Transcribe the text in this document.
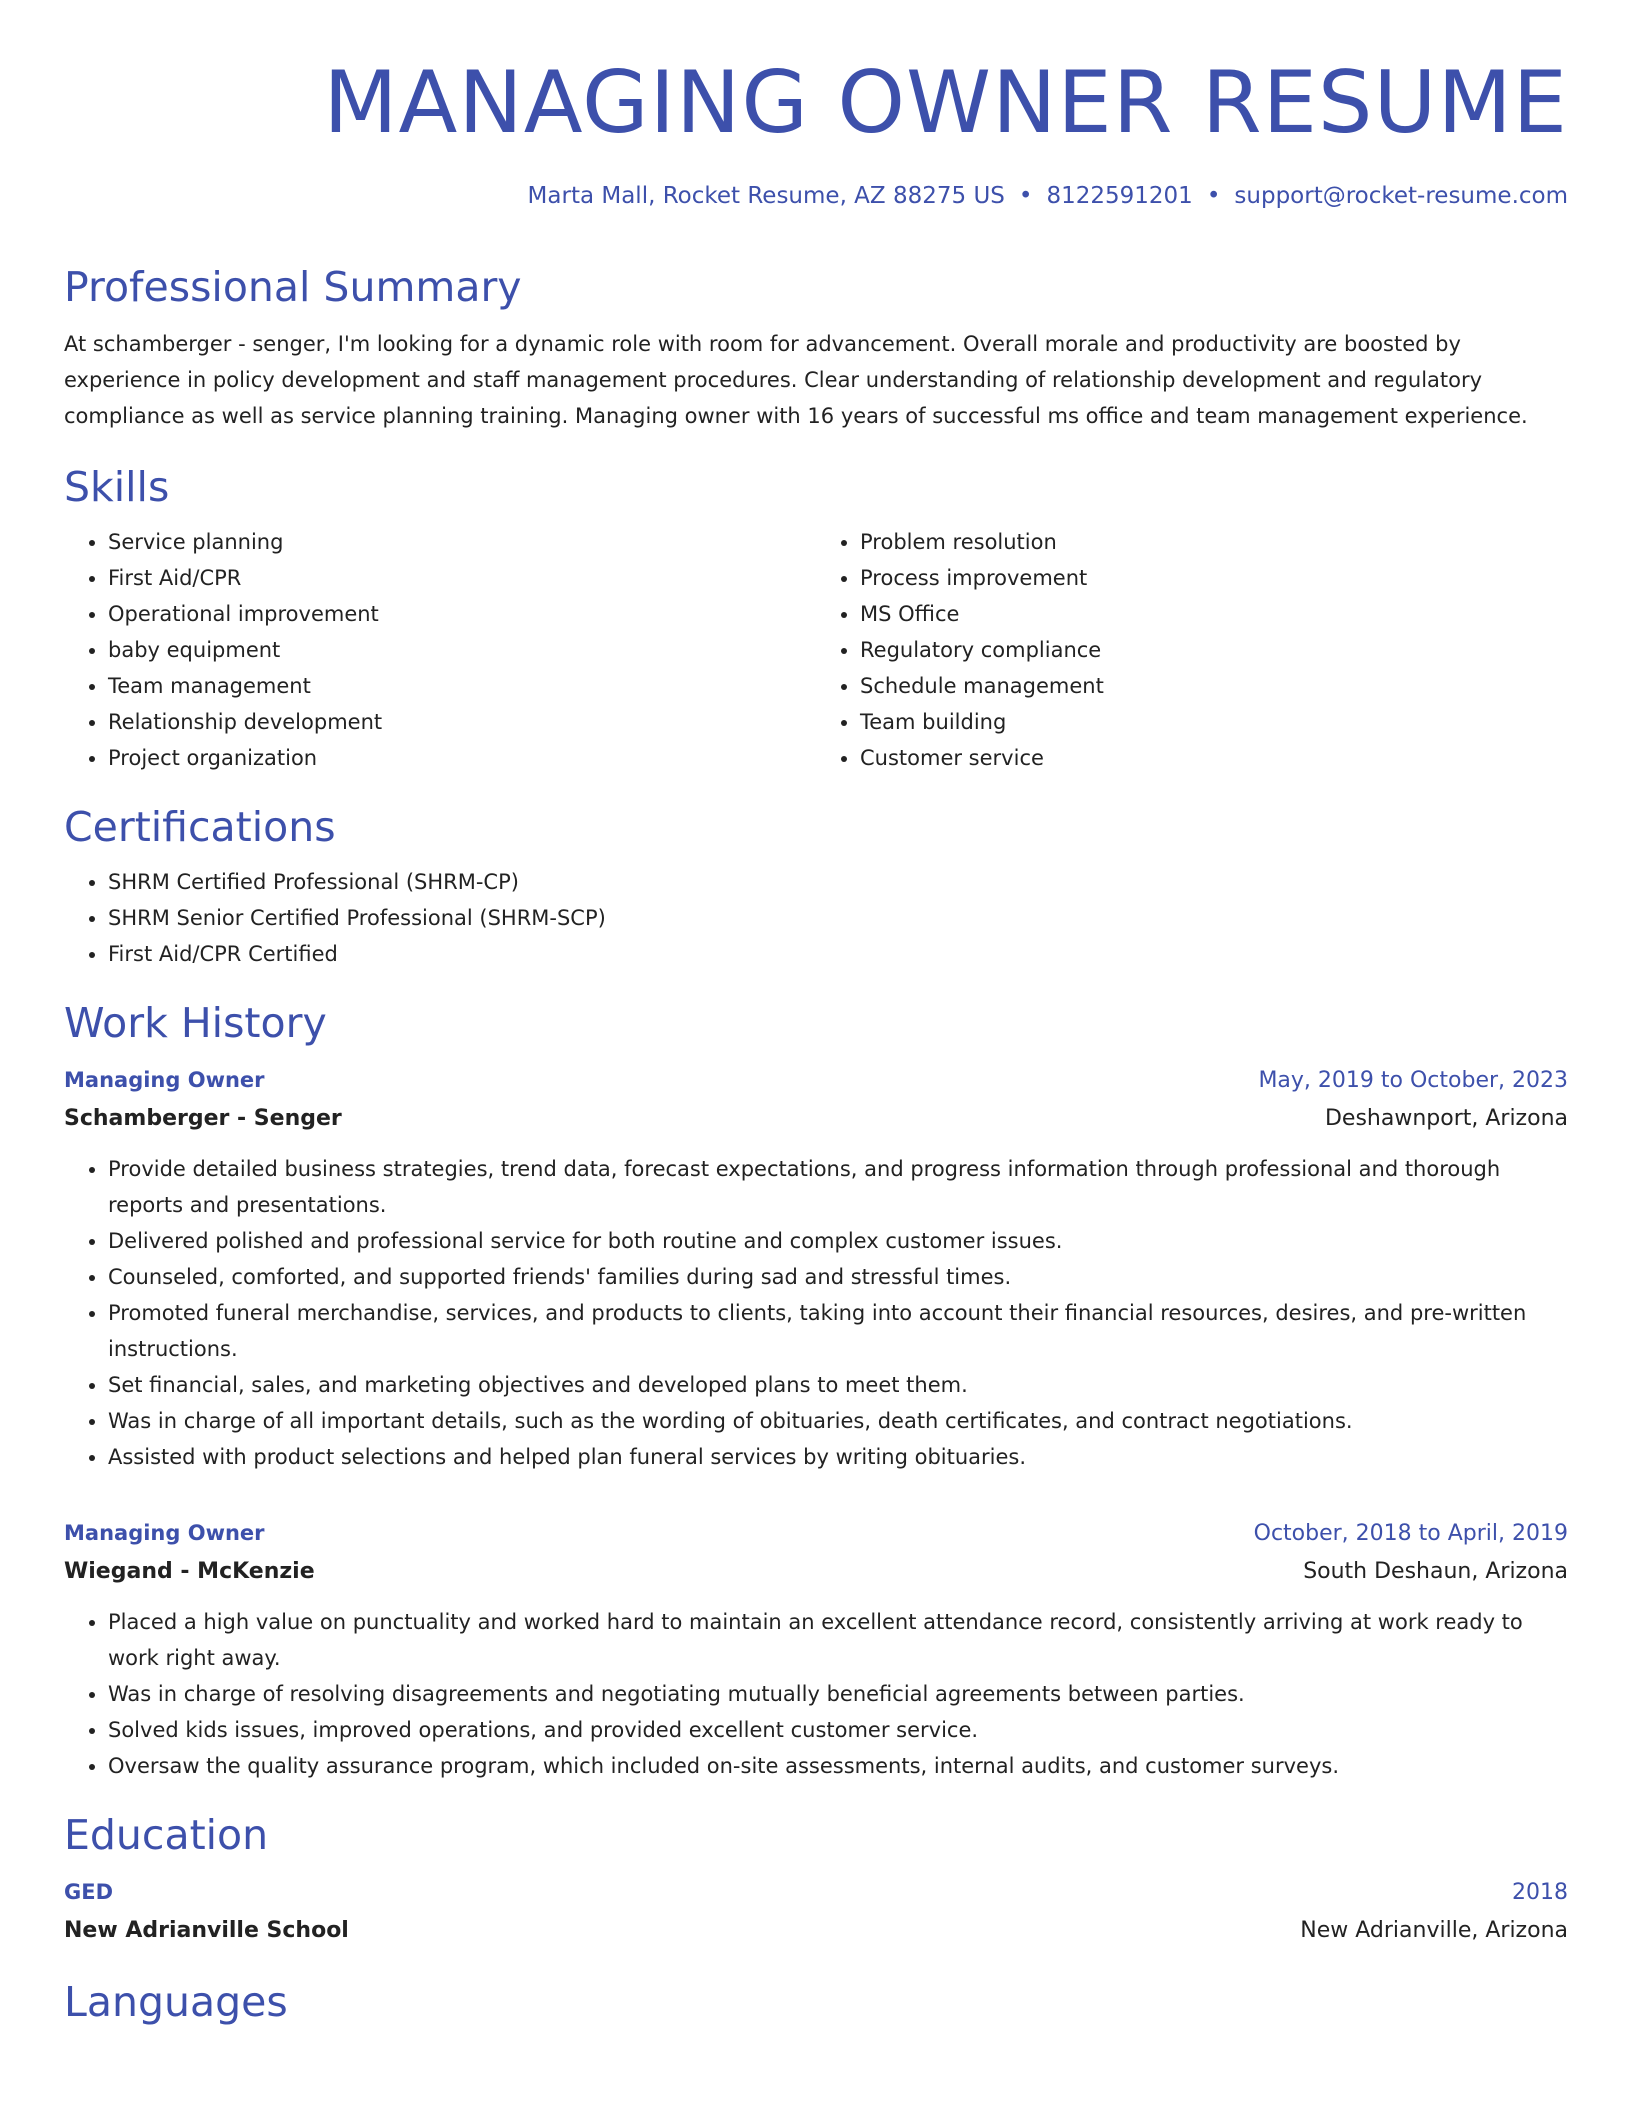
MANAGING OWNER RESUME
Marta Mall, Rocket Resume, AZ 88275 US • 8122591201 • support@rocket-resume.com
Professional Summary

At schamberger - senger, I'm looking for a dynamic role with room for advancement. Overall morale and productivity are boosted by experience in policy development and staff management procedures. Clear understanding of relationship development and regulatory compliance as well as service planning training. Managing owner with 16 years of successful ms office and team management experience.

Skills
• Service planning
• First Aid/CPR
• Operational improvement
• baby equipment
• Team management
• Relationship development
• Project organization
• Problem resolution
• Process improvement
• MS Office
• Regulatory compliance
• Schedule management
• Team building
• Customer service
Certifications
• SHRM Certified Professional (SHRM-CP)
• SHRM Senior Certified Professional (SHRM-SCP)
• First Aid/CPR Certified
Work History
Managing Owner	May, 2019 to October, 2023
Schamberger - Senger	Deshawnport, Arizona
• Provide detailed business strategies, trend data, forecast expectations, and progress information through professional and thorough reports and presentations.
• Delivered polished and professional service for both routine and complex customer issues.
• Counseled, comforted, and supported friends' families during sad and stressful times.
• Promoted funeral merchandise, services, and products to clients, taking into account their financial resources, desires, and pre-written instructions.
• Set financial, sales, and marketing objectives and developed plans to meet them.
• Was in charge of all important details, such as the wording of obituaries, death certificates, and contract negotiations.
• Assisted with product selections and helped plan funeral services by writing obituaries.
Managing Owner	October, 2018 to April, 2019
Wiegand - McKenzie	South Deshaun, Arizona
• Placed a high value on punctuality and worked hard to maintain an excellent attendance record, consistently arriving at work ready to work right away.
• Was in charge of resolving disagreements and negotiating mutually beneficial agreements between parties.
• Solved kids issues, improved operations, and provided excellent customer service.
• Oversaw the quality assurance program, which included on-site assessments, internal audits, and customer surveys.
Education
GED	2018
New Adrianville School	New Adrianville, Arizona
Languages
